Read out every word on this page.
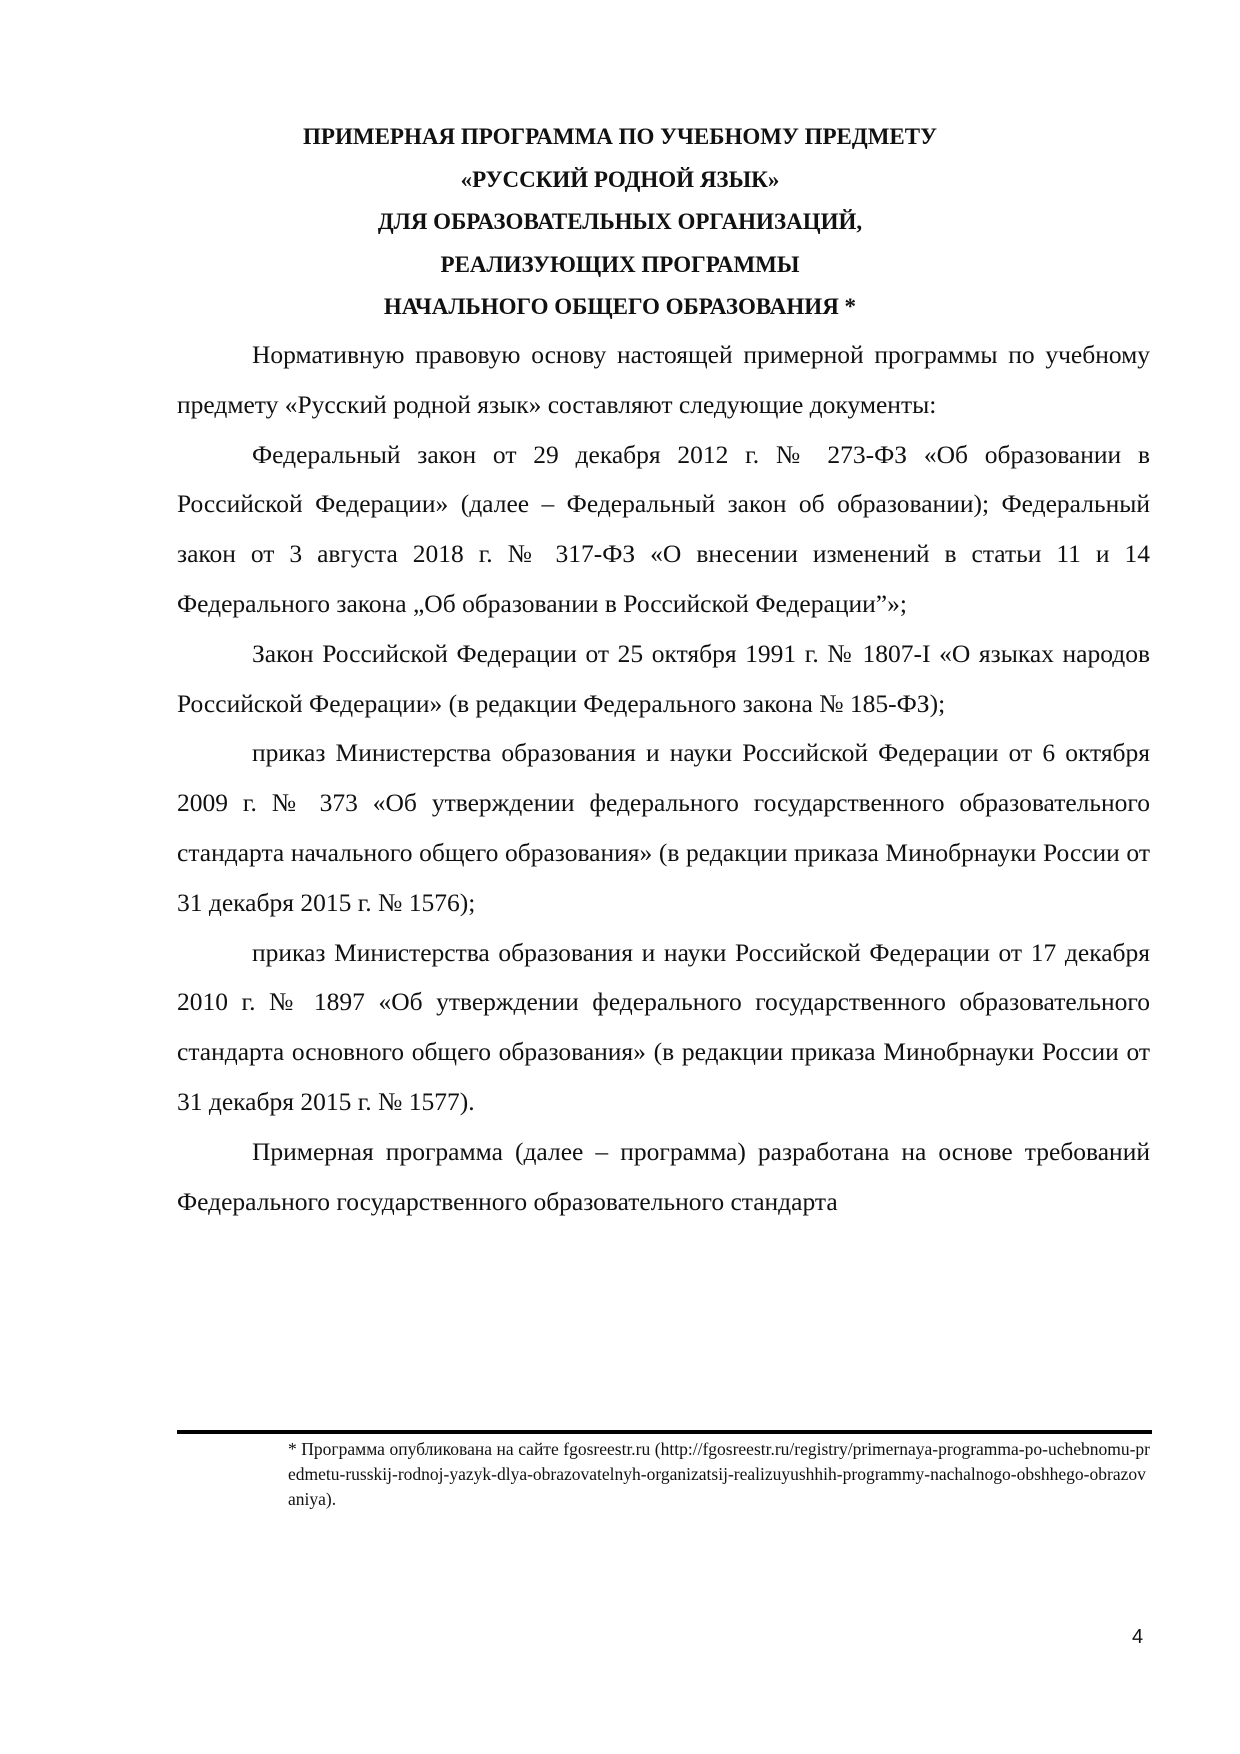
ПРИМЕРНАЯ ПРОГРАММА ПО УЧЕБНОМУ ПРЕДМЕТУ
«РУССКИЙ РОДНОЙ ЯЗЫК»
ДЛЯ ОБРАЗОВАТЕЛЬНЫХ ОРГАНИЗАЦИЙ,
РЕАЛИЗУЮЩИХ ПРОГРАММЫ
НАЧАЛЬНОГО ОБЩЕГО ОБРАЗОВАНИЯ *

Нормативную правовую основу настоящей примерной программы по учебному предмету «Русский родной язык» составляют следующие документы:

Федеральный закон от 29 декабря 2012 г. № 273-ФЗ «Об образовании в Российской Федерации» (далее – Федеральный закон об образовании); Федеральный закон от 3 августа 2018 г. № 317-ФЗ «О внесении изменений в статьи 11 и 14 Федерального закона „Об образовании в Российской Федерации”»;

Закон Российской Федерации от 25 октября 1991 г. № 1807-I «О языках народов Российской Федерации» (в редакции Федерального закона № 185-ФЗ);

приказ Министерства образования и науки Российской Федерации от 6 октября 2009 г. № 373 «Об утверждении федерального государственного образовательного стандарта начального общего образования» (в редакции приказа Минобрнауки России от 31 декабря 2015 г. № 1576);

приказ Министерства образования и науки Российской Федерации от 17 декабря 2010 г. № 1897 «Об утверждении федерального государственного образовательного стандарта основного общего образования» (в редакции приказа Минобрнауки России от 31 декабря 2015 г. № 1577).

Примерная программа (далее – программа) разработана на основе требований Федерального государственного образовательного стандарта

* Программа опубликована на сайте fgosreestr.ru (http://fgosreestr.ru/registry/primernaya-programma-po-uchebnomu-predmetu-russkij-rodnoj-yazyk-dlya-obrazovatelnyh-organizatsij-realizuyushhih-programmy-nachalnogo-obshhego-obrazovaniya).
4
